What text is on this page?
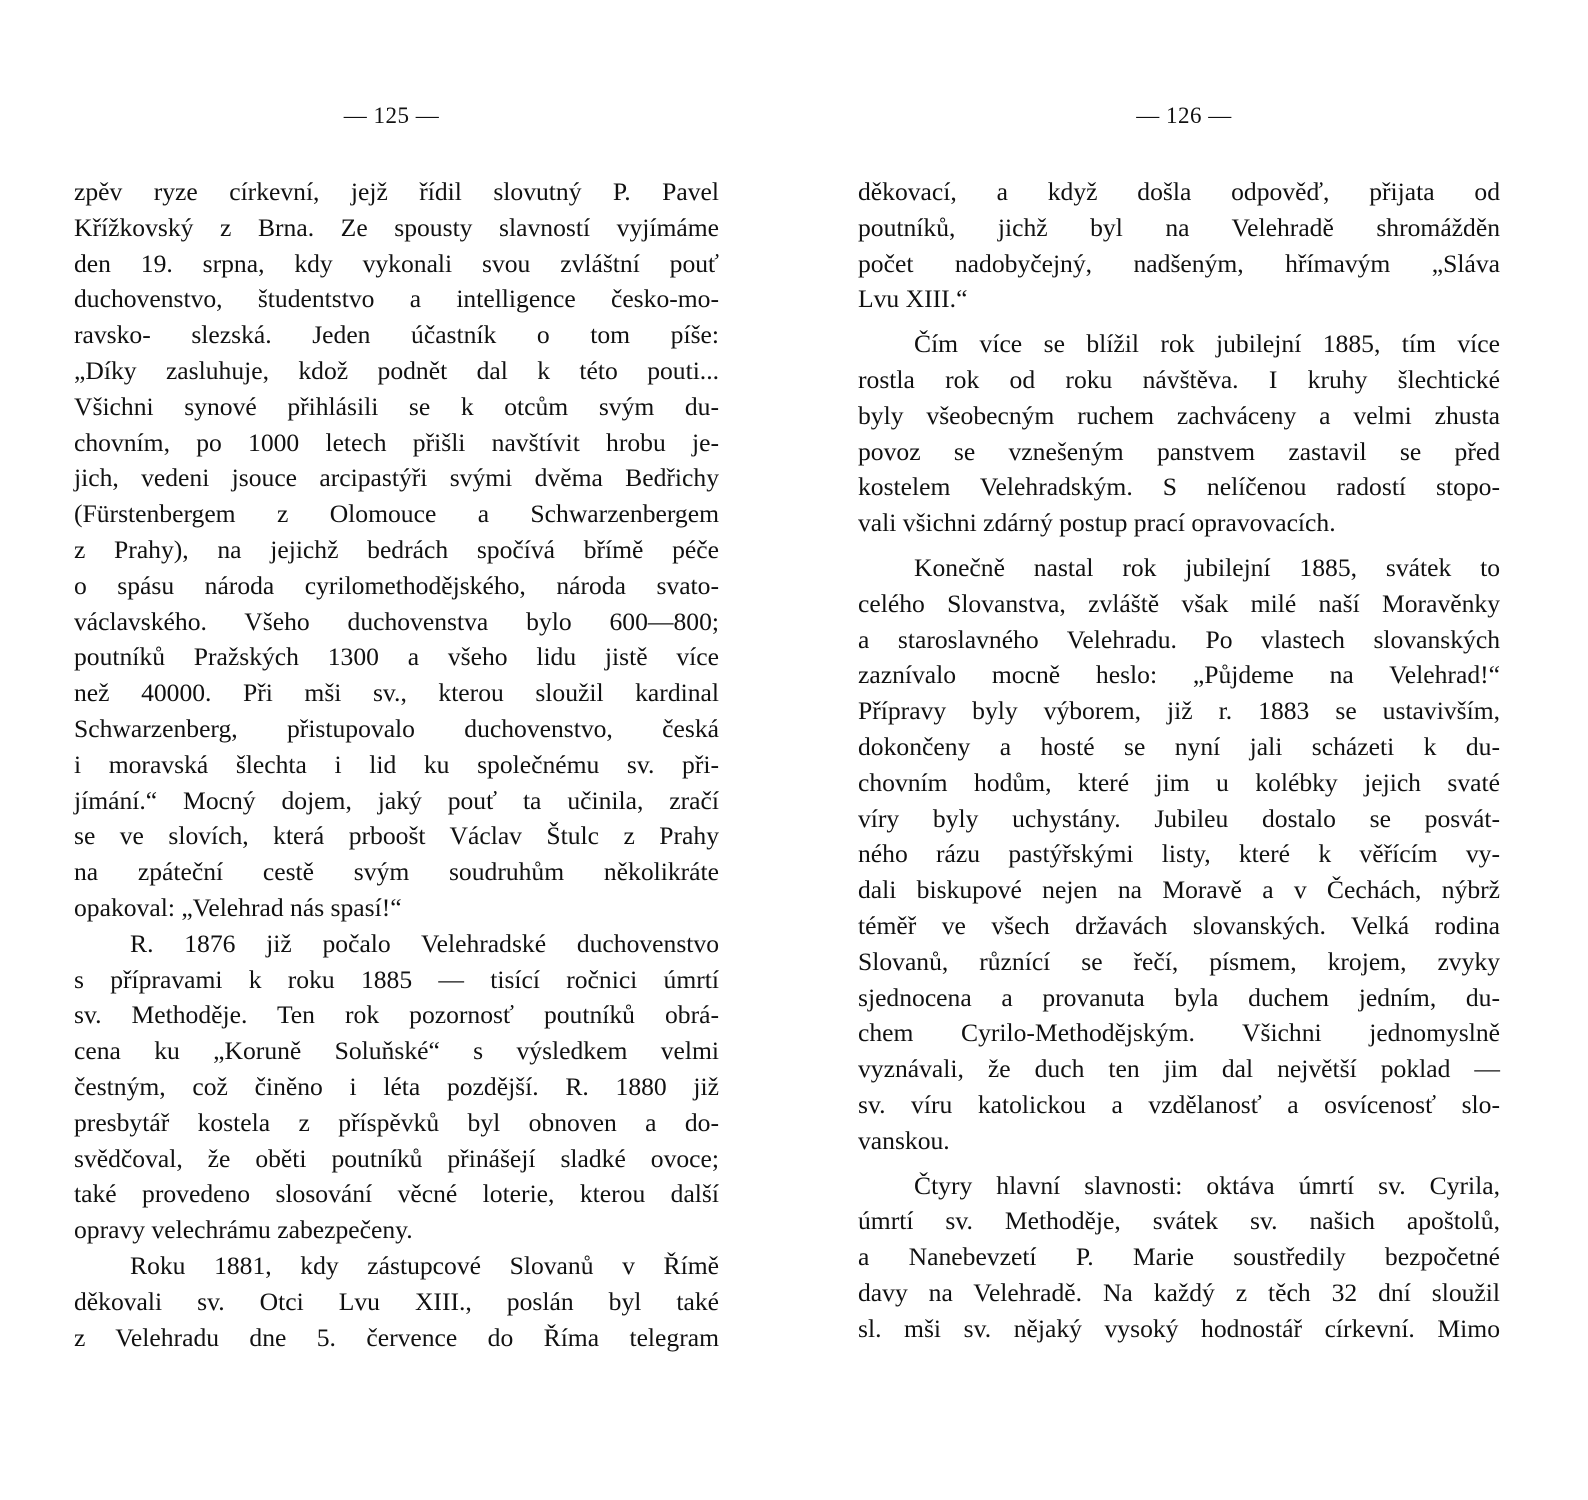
— 125 —
zpěv ryze církevní, jejž řídil slovutný P. Pavel
Křížkovský z Brna. Ze spousty slavností vyjímáme
den 19. srpna, kdy vykonali svou zvláštní pouť
duchovenstvo, študentstvo a intelligence česko-mo-
ravsko- slezská. Jeden účastník o tom píše:
„Díky zasluhuje, kdož podnět dal k této pouti...
Všichni synové přihlásili se k otcům svým du-
chovním, po 1000 letech přišli navštívit hrobu je-
jich, vedeni jsouce arcipastýři svými dvěma Bedřichy
(Fürstenbergem z Olomouce a Schwarzenbergem
z Prahy), na jejichž bedrách spočívá břímě péče
o spásu národa cyrilomethodějského, národa svato-
václavského. Všeho duchovenstva bylo 600—800;
poutníků Pražských 1300 a všeho lidu jistě více
než 40000. Při mši sv., kterou sloužil kardinal
Schwarzenberg, přistupovalo duchovenstvo, česká
i moravská šlechta i lid ku společnému sv. při-
jímání.“ Mocný dojem, jaký pouť ta učinila, zračí
se ve slovích, která prboošt Václav Štulc z Prahy
na zpáteční cestě svým soudruhům několikráte
opakoval: „Velehrad nás spasí!“
R. 1876 již počalo Velehradské duchovenstvo
s přípravami k roku 1885 — tisící ročnici úmrtí
sv. Methoděje. Ten rok pozornosť poutníků obrá-
cena ku „Koruně Soluňské“ s výsledkem velmi
čestným, což činěno i léta pozdější. R. 1880 již
presbytář kostela z příspěvků byl obnoven a do-
svědčoval, že oběti poutníků přinášejí sladké ovoce;
také provedeno slosování věcné loterie, kterou další
opravy velechrámu zabezpečeny.
Roku 1881, kdy zástupcové Slovanů v Římě
děkovali sv. Otci Lvu XIII., poslán byl také
z Velehradu dne 5. července do Říma telegram
— 126 —
děkovací, a když došla odpověď, přijata od
poutníků, jichž byl na Velehradě shromážděn
počet nadobyčejný, nadšeným, hřímavým „Sláva
Lvu XIII.“
Čím více se blížil rok jubilejní 1885, tím více
rostla rok od roku návštěva. I kruhy šlechtické
byly všeobecným ruchem zachváceny a velmi zhusta
povoz se vznešeným panstvem zastavil se před
kostelem Velehradským. S nelíčenou radostí stopo-
vali všichni zdárný postup prací opravovacích.
Konečně nastal rok jubilejní 1885, svátek to
celého Slovanstva, zvláště však milé naší Moravěnky
a staroslavného Velehradu. Po vlastech slovanských
zaznívalo mocně heslo: „Půjdeme na Velehrad!“
Přípravy byly výborem, již r. 1883 se ustavivším,
dokončeny a hosté se nyní jali scházeti k du-
chovním hodům, které jim u kolébky jejich svaté
víry byly uchystány. Jubileu dostalo se posvát-
ného rázu pastýřskými listy, které k věřícím vy-
dali biskupové nejen na Moravě a v Čechách, nýbrž
téměř ve všech državách slovanských. Velká rodina
Slovanů, různící se řečí, písmem, krojem, zvyky
sjednocena a provanuta byla duchem jedním, du-
chem Cyrilo-Methodějským. Všichni jednomyslně
vyznávali, že duch ten jim dal největší poklad —
sv. víru katolickou a vzdělanosť a osvícenosť slo-
vanskou.
Čtyry hlavní slavnosti: oktáva úmrtí sv. Cyrila,
úmrtí sv. Methoděje, svátek sv. našich apoštolů,
a Nanebevzetí P. Marie soustředily bezpočetné
davy na Velehradě. Na každý z těch 32 dní sloužil
sl. mši sv. nějaký vysoký hodnostář církevní. Mimo
